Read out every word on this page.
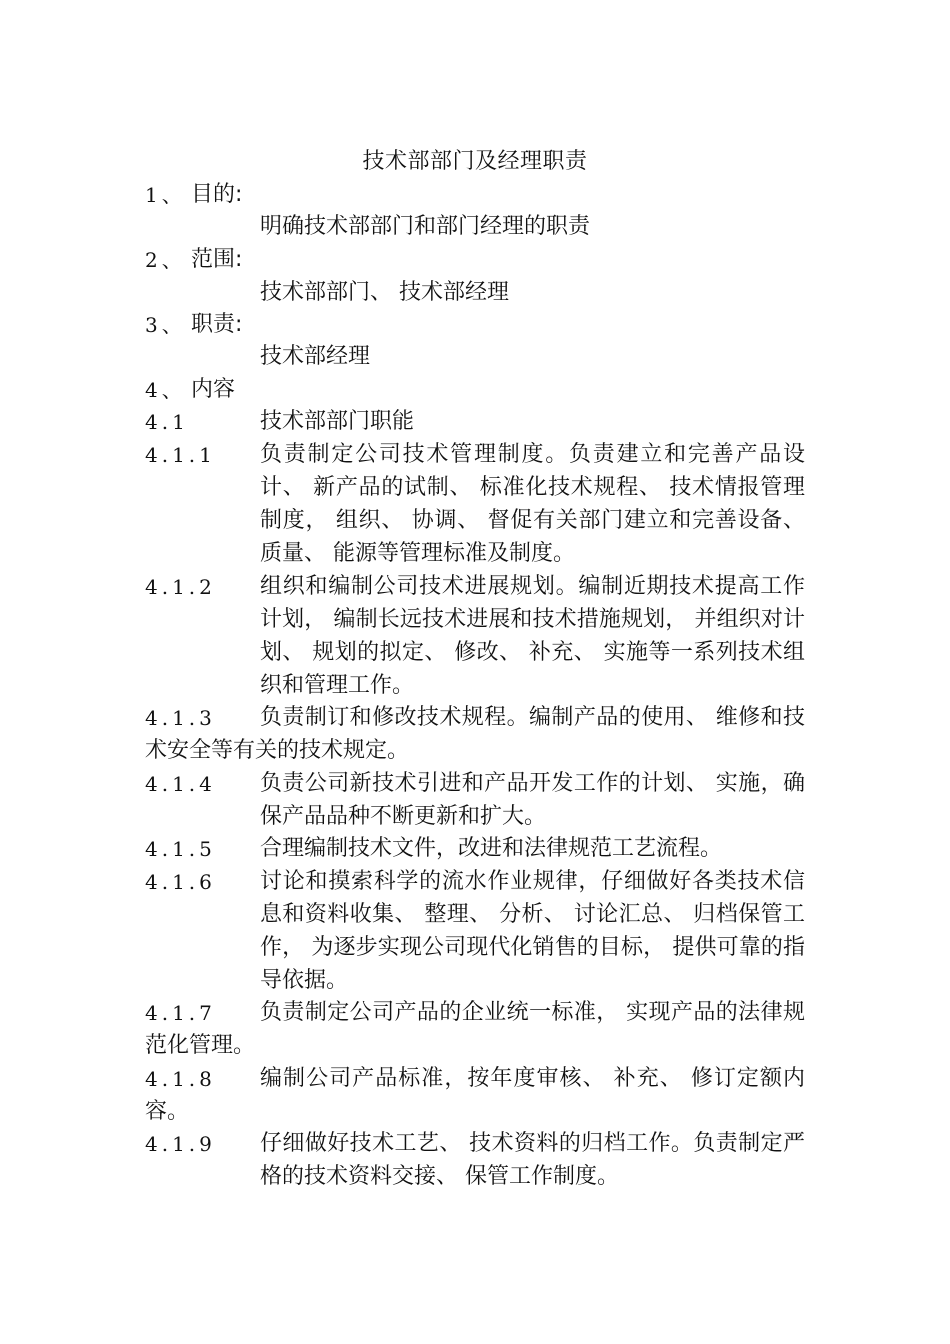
技术部部门及经理职责
1、 目的:
明确技术部部门和部门经理的职责
2、 范围:
技术部部门、 技术部经理
3、 职责:
技术部经理
4、 内容
4.1	技术部部门职能
4.1.1 负责制定公司技术管理制度。负责建立和完善产品设计、 新产品的试制、 标准化技术规程、 技术情报管理制度， 组织、 协调、 督促有关部门建立和完善设备、 质量、 能源等管理标准及制度。
4.1.2 组织和编制公司技术进展规划。编制近期技术提高工作计划， 编制长远技术进展和技术措施规划， 并组织对计划、 规划的拟定、 修改、 补充、 实施等一系列技术组织和管理工作。
4.1.3	负责制订和修改技术规程。编制产品的使用、 维修和技术安全等有关的技术规定。
4.1.4 负责公司新技术引进和产品开发工作的计划、 实施，确保产品品种不断更新和扩大。
4.1.5 合理编制技术文件，改进和法律规范工艺流程。
4.1.6 讨论和摸索科学的流水作业规律，仔细做好各类技术信息和资料收集、 整理、 分析、 讨论汇总、 归档保管工作， 为逐步实现公司现代化销售的目标， 提供可靠的指导依据。
4.1.7	负责制定公司产品的企业统一标准， 实现产品的法律规范化管理。
4.1.8	编制公司产品标准，按年度审核、 补充、 修订定额内容。
4.1.9 仔细做好技术工艺、 技术资料的归档工作。负责制定严格的技术资料交接、 保管工作制度。
